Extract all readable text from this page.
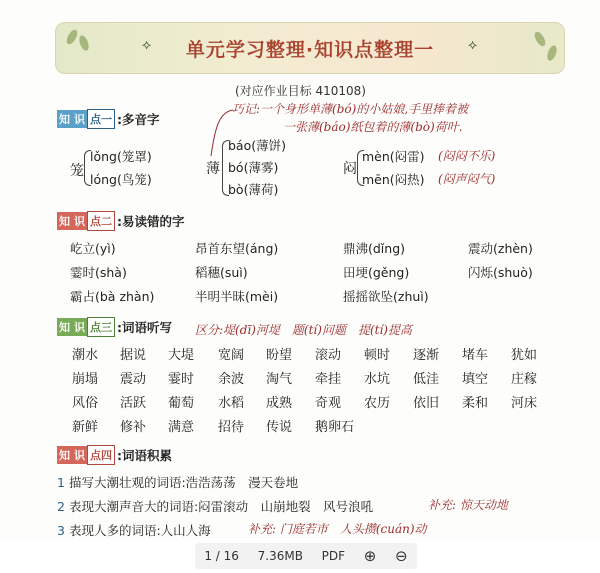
⟡	⟡
单元学习整理·知识点整理一
(对应作业目标 410108)
巧记:一个身形单薄(bó)的小姑娘,手里捧着被
一张薄(báo)纸包着的薄(bò)荷叶.
知 识 点一 :多音字
笼
lǒng(笼罩)
lóng(鸟笼)
薄
báo(薄饼)
bó(薄雾)
bò(薄荷)
闷
mèn(闷雷) (闷闷不乐)
mēn(闷热) (闷声闷气)
知 识 点二 :易读错的字
屹立(yì)	昂首东望(áng)	鼎沸(dǐng)	震动(zhèn)
霎时(shà)	稻穗(suì)	田埂(gěng)	闪烁(shuò)
霸占(bà zhàn)	半明半昧(mèi)	摇摇欲坠(zhuì)
知 识 点三 :词语听写 区分:堤(dī)河堤　题(tí)问题　提(tí)提高
潮水 据说 大堤 宽阔 盼望 滚动 顿时 逐渐 堵车 犹如
崩塌 震动 霎时 余波 淘气 牵挂 水坑 低洼 填空 庄稼
风俗 活跃 葡萄 水稻 成熟 奇观 农历 依旧 柔和 河床
新鲜 修补 满意 招待 传说 鹅卵石
知 识 点四 :词语积累
1 描写大潮壮观的词语:浩浩荡荡　漫天卷地
2 表现大潮声音大的词语:闷雷滚动　山崩地裂　风号浪吼	补充: 惊天动地
3 表现人多的词语:人山人海	补充: 门庭若市　人头攒(cuán)动
1 / 16 7.36MB PDF ⊕ ⊖
